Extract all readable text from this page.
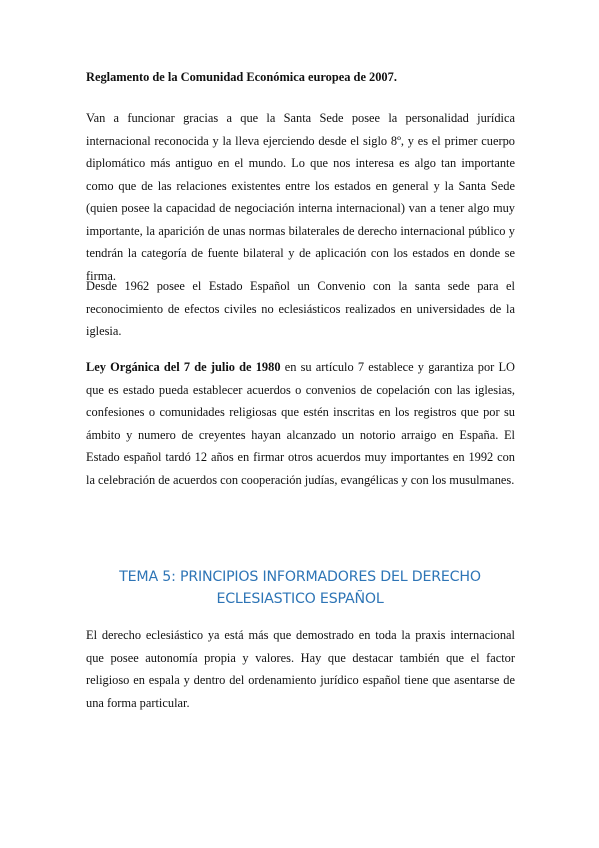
Reglamento de la Comunidad Económica europea de 2007.

Van a funcionar gracias a que la Santa Sede posee la personalidad jurídica internacional reconocida y la lleva ejerciendo desde el siglo 8º, y es el primer cuerpo diplomático más antiguo en el mundo. Lo que nos interesa es algo tan importante como que de las relaciones existentes entre los estados en general y la Santa Sede (quien posee la capacidad de negociación interna internacional) van a tener algo muy importante, la aparición de unas normas bilaterales de derecho internacional público y tendrán la categoría de fuente bilateral y de aplicación con los estados en donde se firma.

Desde 1962 posee el Estado Español un Convenio con la santa sede para el reconocimiento de efectos civiles no eclesiásticos realizados en universidades de la iglesia.

Ley Orgánica del 7 de julio de 1980 en su artículo 7 establece y garantiza por LO que es estado pueda establecer acuerdos o convenios de copelación con las iglesias, confesiones o comunidades religiosas que estén inscritas en los registros que por su ámbito y numero de creyentes hayan alcanzado un notorio arraigo en España. El Estado español tardó 12 años en firmar otros acuerdos muy importantes en 1992 con la celebración de acuerdos con cooperación judías, evangélicas y con los musulmanes.

TEMA 5: PRINCIPIOS INFORMADORES DEL DERECHO
ECLESIASTICO ESPAÑOL

El derecho eclesiástico ya está más que demostrado en toda la praxis internacional que posee autonomía propia y valores. Hay que destacar también que el factor religioso en espala y dentro del ordenamiento jurídico español tiene que asentarse de una forma particular.
